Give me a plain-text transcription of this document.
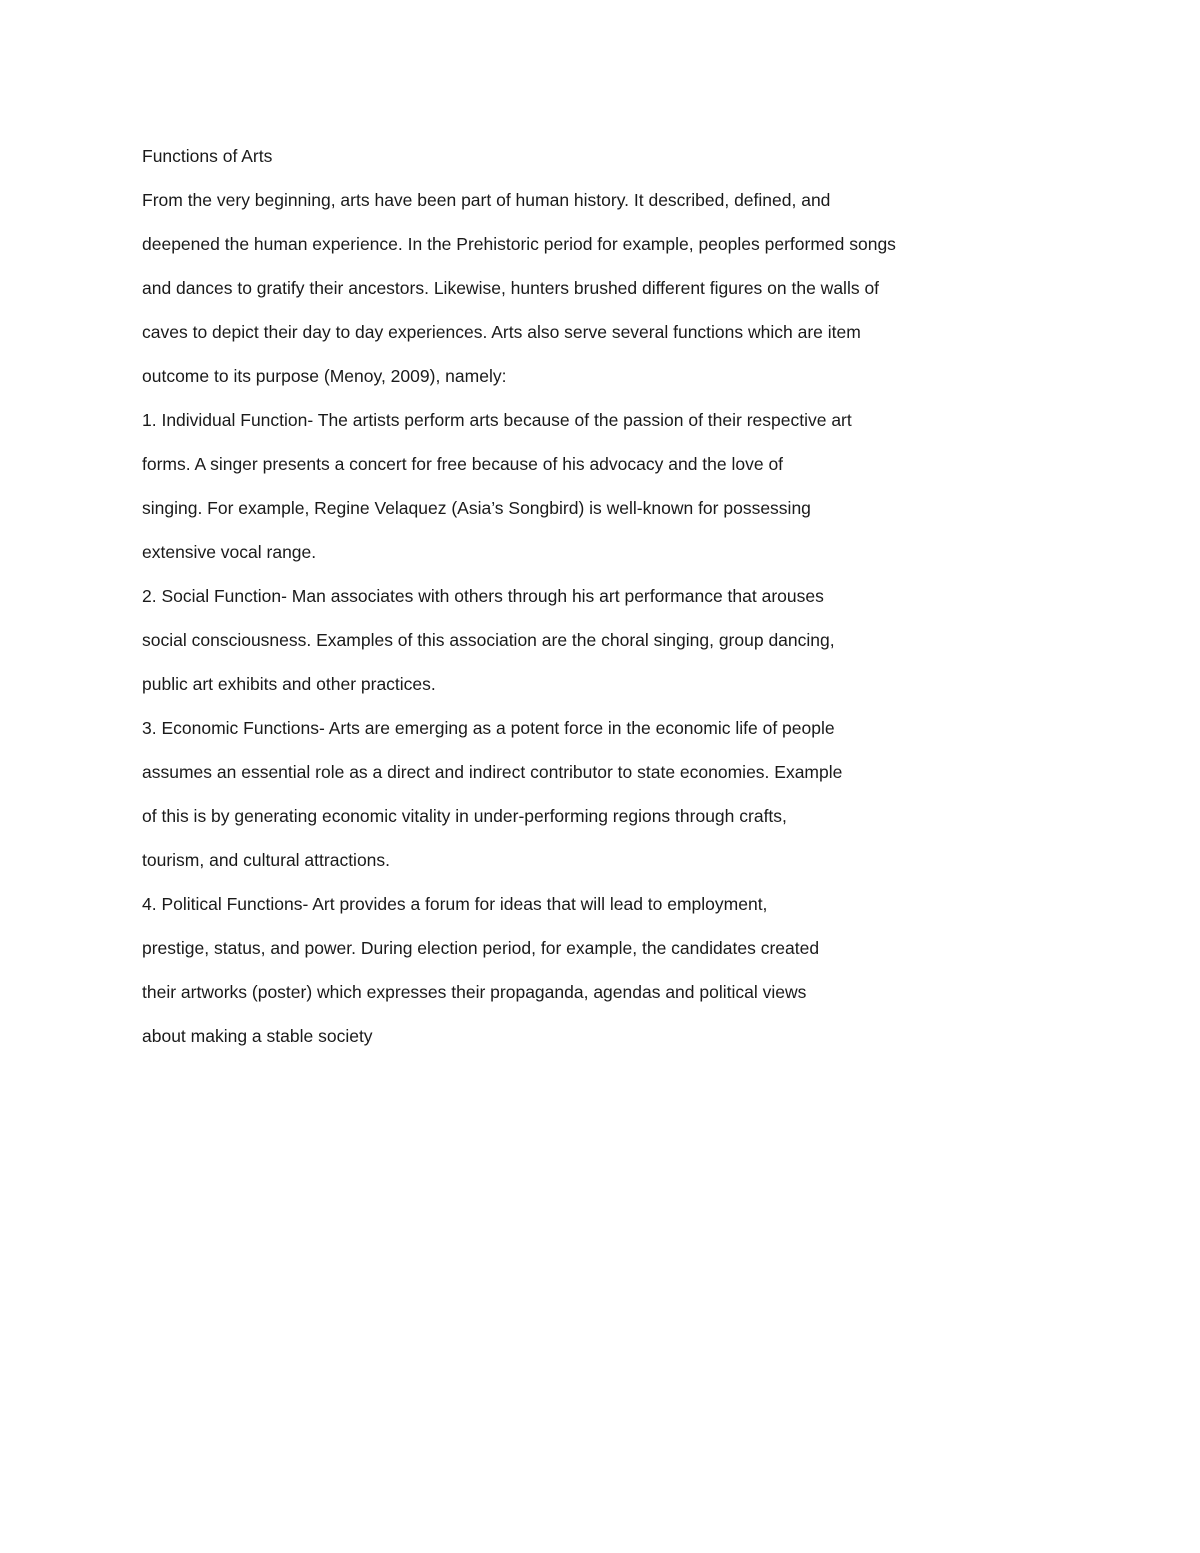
Functions of Arts
From the very beginning, arts have been part of human history. It described, defined, and
deepened the human experience. In the Prehistoric period for example, peoples performed songs
and dances to gratify their ancestors. Likewise, hunters brushed different figures on the walls of
caves to depict their day to day experiences. Arts also serve several functions which are item
outcome to its purpose (Menoy, 2009), namely:
1. Individual Function- The artists perform arts because of the passion of their respective art
forms. A singer presents a concert for free because of his advocacy and the love of
singing. For example, Regine Velaquez (Asia’s Songbird) is well-known for possessing
extensive vocal range.
2. Social Function- Man associates with others through his art performance that arouses
social consciousness. Examples of this association are the choral singing, group dancing,
public art exhibits and other practices.
3. Economic Functions- Arts are emerging as a potent force in the economic life of people
assumes an essential role as a direct and indirect contributor to state economies. Example
of this is by generating economic vitality in under-performing regions through crafts,
tourism, and cultural attractions.
4. Political Functions- Art provides a forum for ideas that will lead to employment,
prestige, status, and power. During election period, for example, the candidates created
their artworks (poster) which expresses their propaganda, agendas and political views
about making a stable society
